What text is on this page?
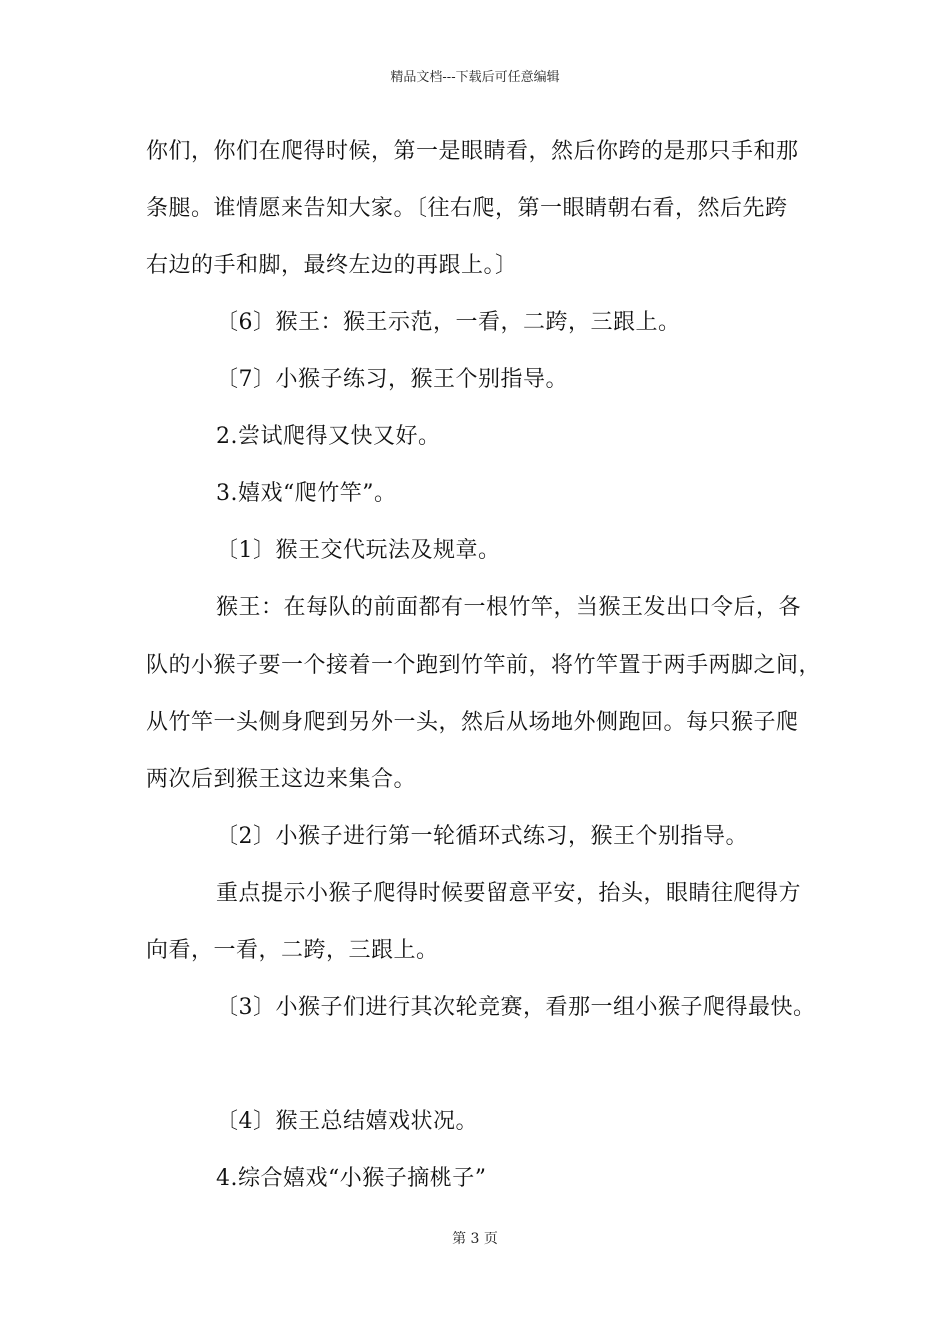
精品文档---下载后可任意编辑
你们，你们在爬得时候，第一是眼睛看，然后你跨的是那只手和那
条腿。谁情愿来告知大家。〔往右爬，第一眼睛朝右看，然后先跨
右边的手和脚，最终左边的再跟上。〕
〔6〕猴王：猴王示范，一看，二跨，三跟上。
〔7〕小猴子练习，猴王个别指导。
2.尝试爬得又快又好。
3.嬉戏“爬竹竿”。
〔1〕猴王交代玩法及规章。
猴王：在每队的前面都有一根竹竿，当猴王发出口令后，各
队的小猴子要一个接着一个跑到竹竿前，将竹竿置于两手两脚之间，
从竹竿一头侧身爬到另外一头，然后从场地外侧跑回。每只猴子爬
两次后到猴王这边来集合。
〔2〕小猴子进行第一轮循环式练习，猴王个别指导。
重点提示小猴子爬得时候要留意平安，抬头，眼睛往爬得方
向看，一看，二跨，三跟上。
〔3〕小猴子们进行其次轮竞赛，看那一组小猴子爬得最快。
〔4〕猴王总结嬉戏状况。
4.综合嬉戏“小猴子摘桃子”
第 3 页
